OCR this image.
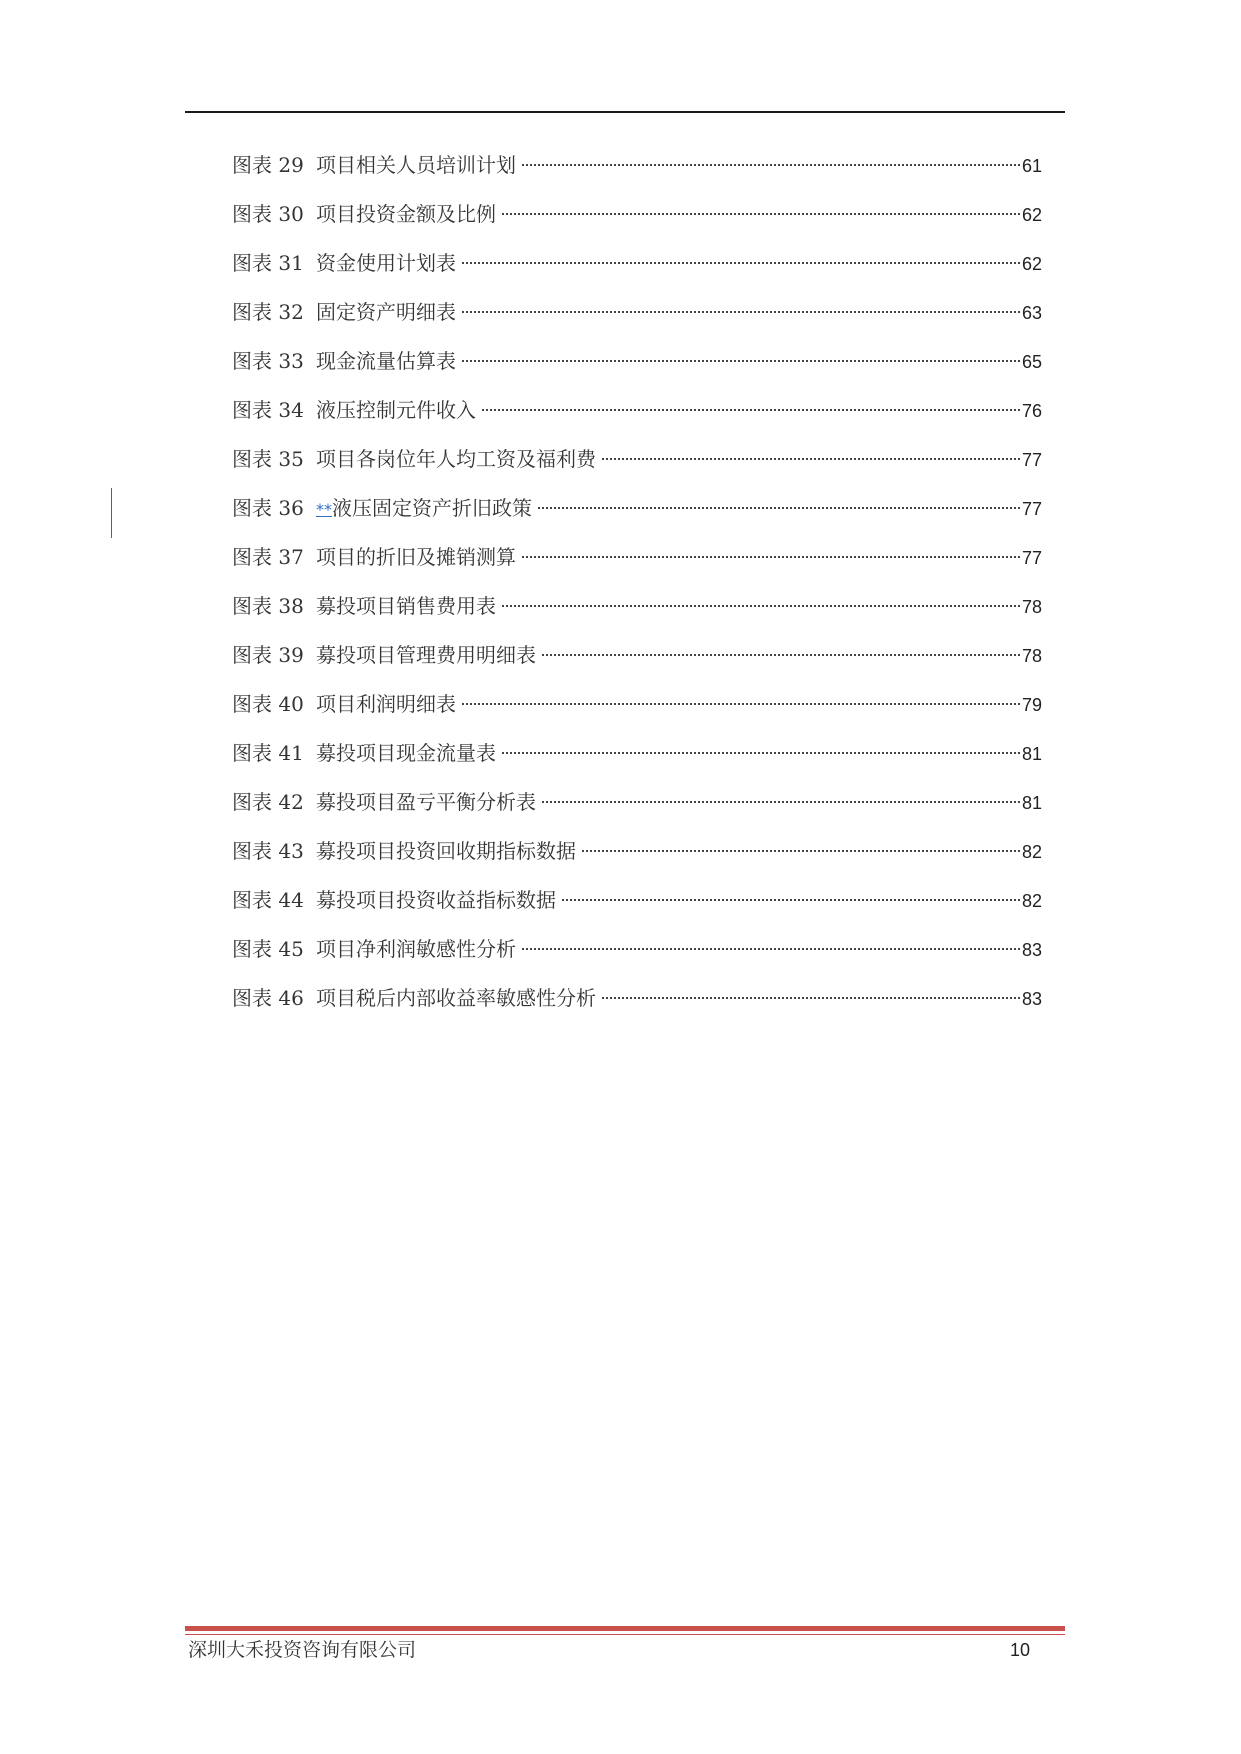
图表 29 项目相关人员培训计划	61
图表 30 项目投资金额及比例	62
图表 31 资金使用计划表	62
图表 32 固定资产明细表	63
图表 33 现金流量估算表	65
图表 34 液压控制元件收入	76
图表 35 项目各岗位年人均工资及福利费	77
图表 36 **液压固定资产折旧政策	77
图表 37 项目的折旧及摊销测算	77
图表 38 募投项目销售费用表	78
图表 39 募投项目管理费用明细表	78
图表 40 项目利润明细表	79
图表 41 募投项目现金流量表	81
图表 42 募投项目盈亏平衡分析表	81
图表 43 募投项目投资回收期指标数据	82
图表 44 募投项目投资收益指标数据	82
图表 45 项目净利润敏感性分析	83
图表 46 项目税后内部收益率敏感性分析	83
深圳大禾投资咨询有限公司	10
